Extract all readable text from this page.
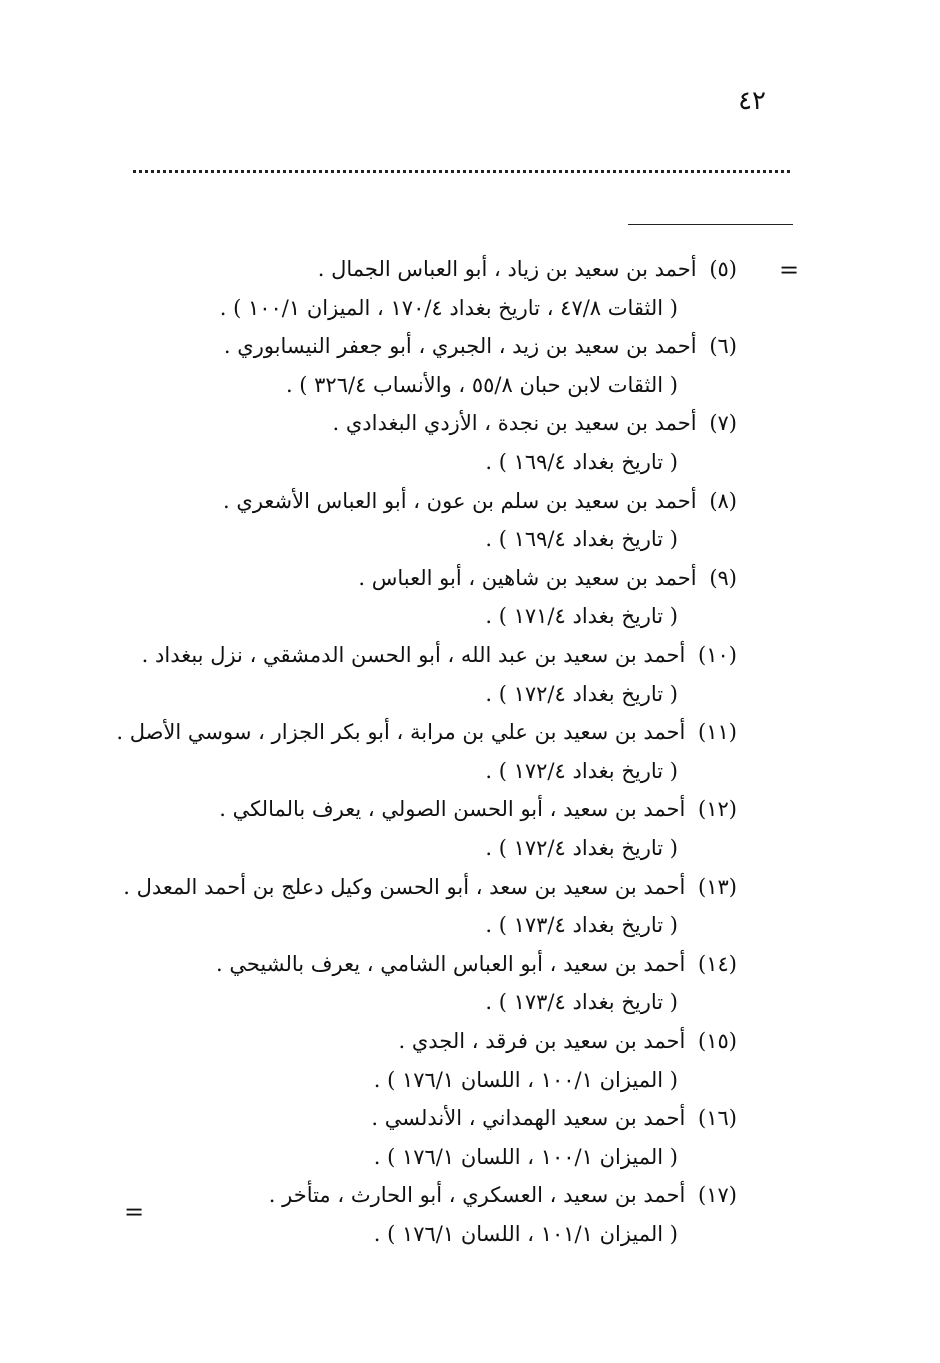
٤٢
=
=
(٥) أحمد بن سعيد بن زياد ، أبو العباس الجمال .
( الثقات ٤٧/٨ ، تاريخ بغداد ١٧٠/٤ ، الميزان ١٠٠/١ ) .
(٦) أحمد بن سعيد بن زيد ، الجبري ، أبو جعفر النيسابوري .
( الثقات لابن حبان ٥٥/٨ ، والأنساب ٣٢٦/٤ ) .
(٧) أحمد بن سعيد بن نجدة ، الأزدي البغدادي .
( تاريخ بغداد ١٦٩/٤ ) .
(٨) أحمد بن سعيد بن سلم بن عون ، أبو العباس الأشعري .
( تاريخ بغداد ١٦٩/٤ ) .
(٩) أحمد بن سعيد بن شاهين ، أبو العباس .
( تاريخ بغداد ١٧١/٤ ) .
(١٠) أحمد بن سعيد بن عبد الله ، أبو الحسن الدمشقي ، نزل ببغداد .
( تاريخ بغداد ١٧٢/٤ ) .
(١١) أحمد بن سعيد بن علي بن مرابة ، أبو بكر الجزار ، سوسي الأصل .
( تاريخ بغداد ١٧٢/٤ ) .
(١٢) أحمد بن سعيد ، أبو الحسن الصولي ، يعرف بالمالكي .
( تاريخ بغداد ١٧٢/٤ ) .
(١٣) أحمد بن سعيد بن سعد ، أبو الحسن وكيل دعلج بن أحمد المعدل .
( تاريخ بغداد ١٧٣/٤ ) .
(١٤) أحمد بن سعيد ، أبو العباس الشامي ، يعرف بالشيحي .
( تاريخ بغداد ١٧٣/٤ ) .
(١٥) أحمد بن سعيد بن فرقد ، الجدي .
( الميزان ١٠٠/١ ، اللسان ١٧٦/١ ) .
(١٦) أحمد بن سعيد الهمداني ، الأندلسي .
( الميزان ١٠٠/١ ، اللسان ١٧٦/١ ) .
(١٧) أحمد بن سعيد ، العسكري ، أبو الحارث ، متأخر .
( الميزان ١٠١/١ ، اللسان ١٧٦/١ ) .
